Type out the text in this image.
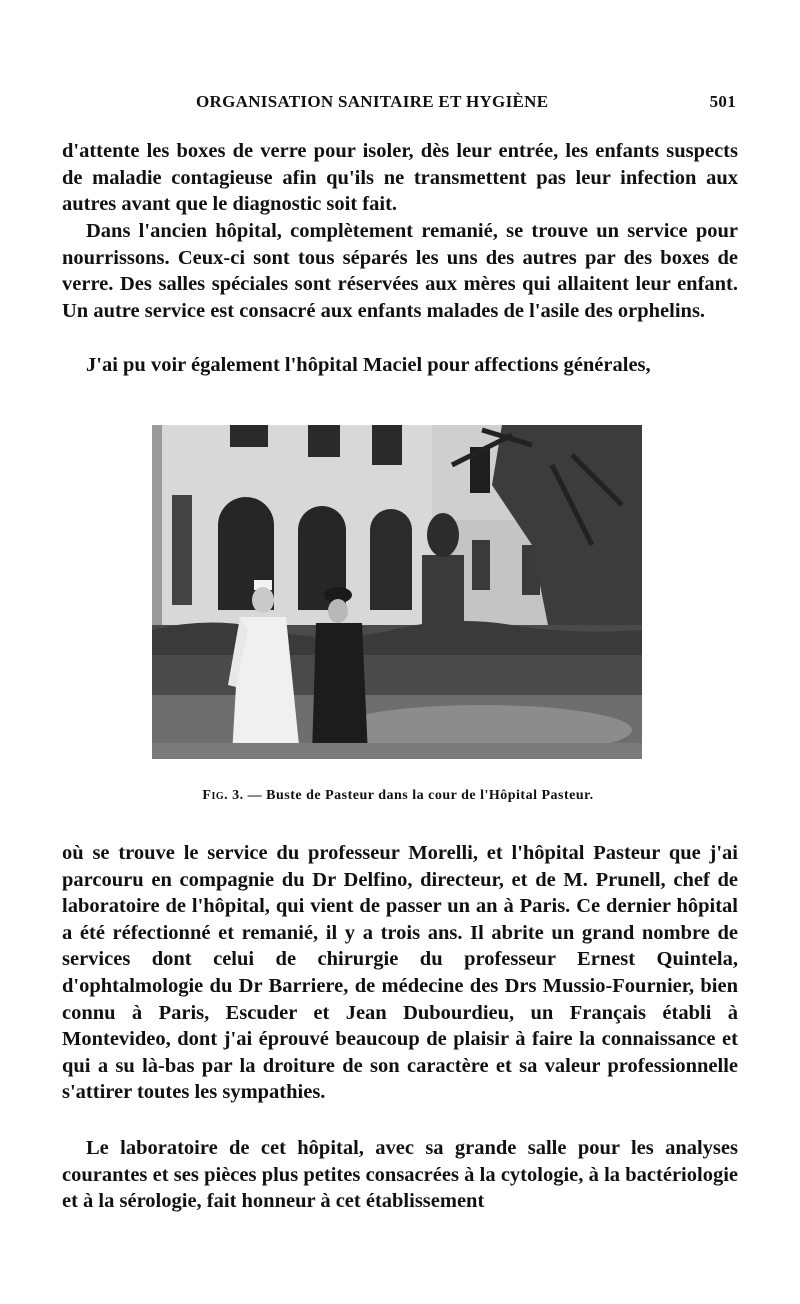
ORGANISATION SANITAIRE ET HYGIÈNE	501

d'attente les boxes de verre pour isoler, dès leur entrée, les enfants suspects de maladie contagieuse afin qu'ils ne transmettent pas leur infection aux autres avant que le diagnostic soit fait.

Dans l'ancien hôpital, complètement remanié, se trouve un service pour nourrissons. Ceux-ci sont tous séparés les uns des autres par des boxes de verre. Des salles spéciales sont réservées aux mères qui allaitent leur enfant. Un autre service est consacré aux enfants malades de l'asile des orphelins.

J'ai pu voir également l'hôpital Maciel pour affections générales,

Fig. 3. — Buste de Pasteur dans la cour de l'Hôpital Pasteur.

où se trouve le service du professeur Morelli, et l'hôpital Pasteur que j'ai parcouru en compagnie du Dr Delfino, directeur, et de M. Prunell, chef de laboratoire de l'hôpital, qui vient de passer un an à Paris. Ce dernier hôpital a été réfectionné et remanié, il y a trois ans. Il abrite un grand nombre de services dont celui de chirurgie du professeur Ernest Quintela, d'ophtalmologie du Dr Barriere, de médecine des Drs Mussio-Fournier, bien connu à Paris, Escuder et Jean Dubourdieu, un Français établi à Montevideo, dont j'ai éprouvé beaucoup de plaisir à faire la connaissance et qui a su là-bas par la droiture de son caractère et sa valeur professionnelle s'attirer toutes les sympathies.

Le laboratoire de cet hôpital, avec sa grande salle pour les analyses courantes et ses pièces plus petites consacrées à la cytologie, à la bactériologie et à la sérologie, fait honneur à cet établissement
